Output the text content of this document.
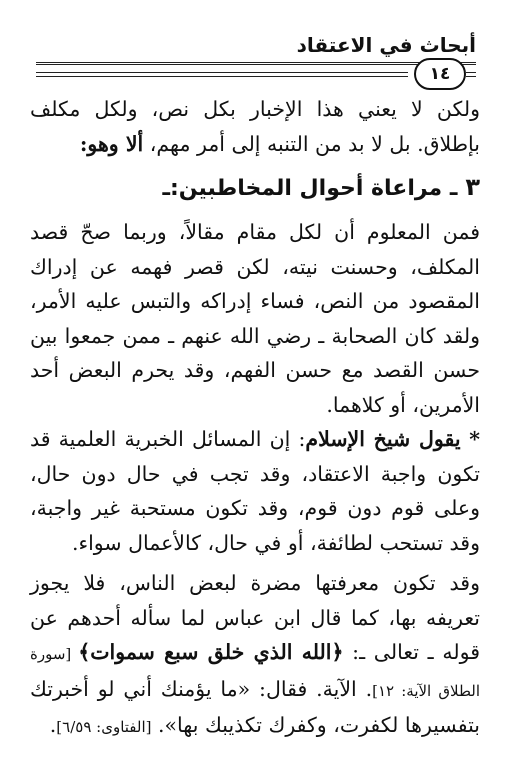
أبحاث في الاعتقاد
١٤

ولكن لا يعني هذا الإخبار بكل نص، ولكل مكلف بإطلاق. بل لا بد من التنبه إلى أمر مهم، ألا وهو:

٣ـ مراعاة أحوال المخاطبين:ـ

فمن المعلوم أن لكل مقام مقالاً، وربما صحّ قصد المكلف، وحسنت نيته، لكن قصر فهمه عن إدراك المقصود من النص، فساء إدراكه والتبس عليه الأمر، ولقد كان الصحابة ـ رضي الله عنهم ـ ممن جمعوا بين حسن القصد مع حسن الفهم، وقد يحرم البعض أحد الأمرين، أو كلاهما.

* يقول شيخ الإسلام: إن المسائل الخبرية العلمية قد تكون واجبة الاعتقاد، وقد تجب في حال دون حال، وعلى قوم دون قوم، وقد تكون مستحبة غير واجبة، وقد تستحب لطائفة، أو في حال، كالأعمال سواء.

وقد تكون معرفتها مضرة لبعض الناس، فلا يجوز تعريفه بها، كما قال ابن عباس لما سأله أحدهم عن قوله ـ تعالى ـ: ﴿الله الذي خلق سبع سموات﴾ [سورة الطلاق الآية: ١٢]. الآية. فقال: «ما يؤمنك أني لو أخبرتك بتفسيرها لكفرت، وكفرك تكذيبك بها». [الفتاوى: ٦/٥٩].
